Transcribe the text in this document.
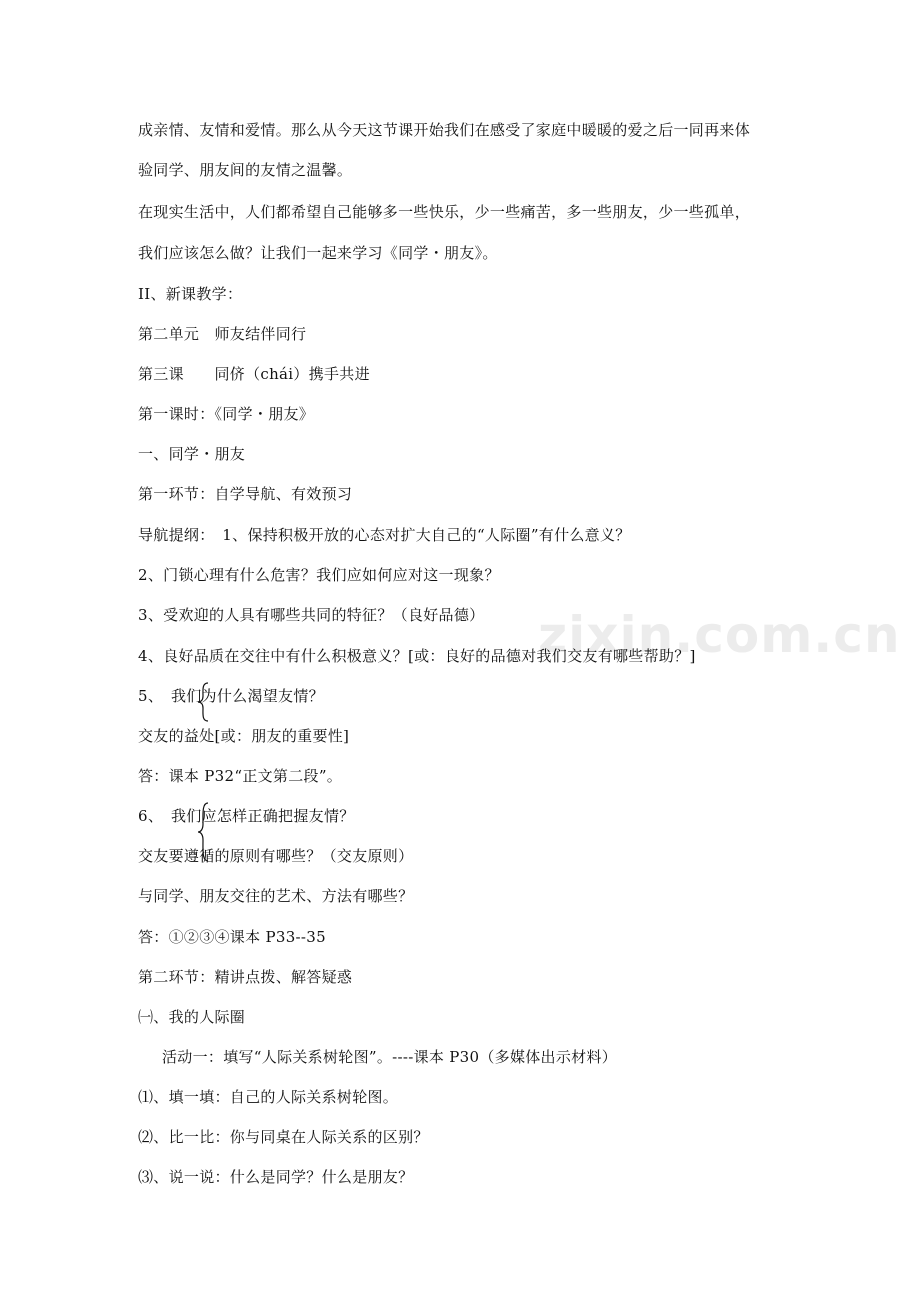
zixin.com.cn
成亲情、友情和爱情。那么从今天这节课开始我们在感受了家庭中暖暖的爱之后一同再来体
验同学、朋友间的友情之温馨。
在现实生活中，人们都希望自己能够多一些快乐，少一些痛苦，多一些朋友，少一些孤单，
我们应该怎么做？让我们一起来学习《同学・朋友》。
II、新课教学：
第二单元　师友结伴同行
第三课　　同侪（chái）携手共进
第一课时：《同学・朋友》
一、同学・朋友
第一环节：自学导航、有效预习
导航提纲：　1、保持积极开放的心态对扩大自己的“人际圈”有什么意义？
2、门锁心理有什么危害？我们应如何应对这一现象？
3、受欢迎的人具有哪些共同的特征？（良好品德）
4、良好品质在交往中有什么积极意义？[或：良好的品德对我们交友有哪些帮助？]
5、　我们为什么渴望友情？
交友的益处[或：朋友的重要性]
答：课本 P32“正文第二段”。
6、　我们应怎样正确把握友情？
交友要遵循的原则有哪些？（交友原则）
与同学、朋友交往的艺术、方法有哪些？
答：①②③④课本 P33--35
第二环节：精讲点拨、解答疑惑
㈠、我的人际圈
活动一：填写“人际关系树轮图”。----课本 P30（多媒体出示材料）
⑴、填一填：自己的人际关系树轮图。
⑵、比一比：你与同桌在人际关系的区别？
⑶、说一说：什么是同学？什么是朋友？
